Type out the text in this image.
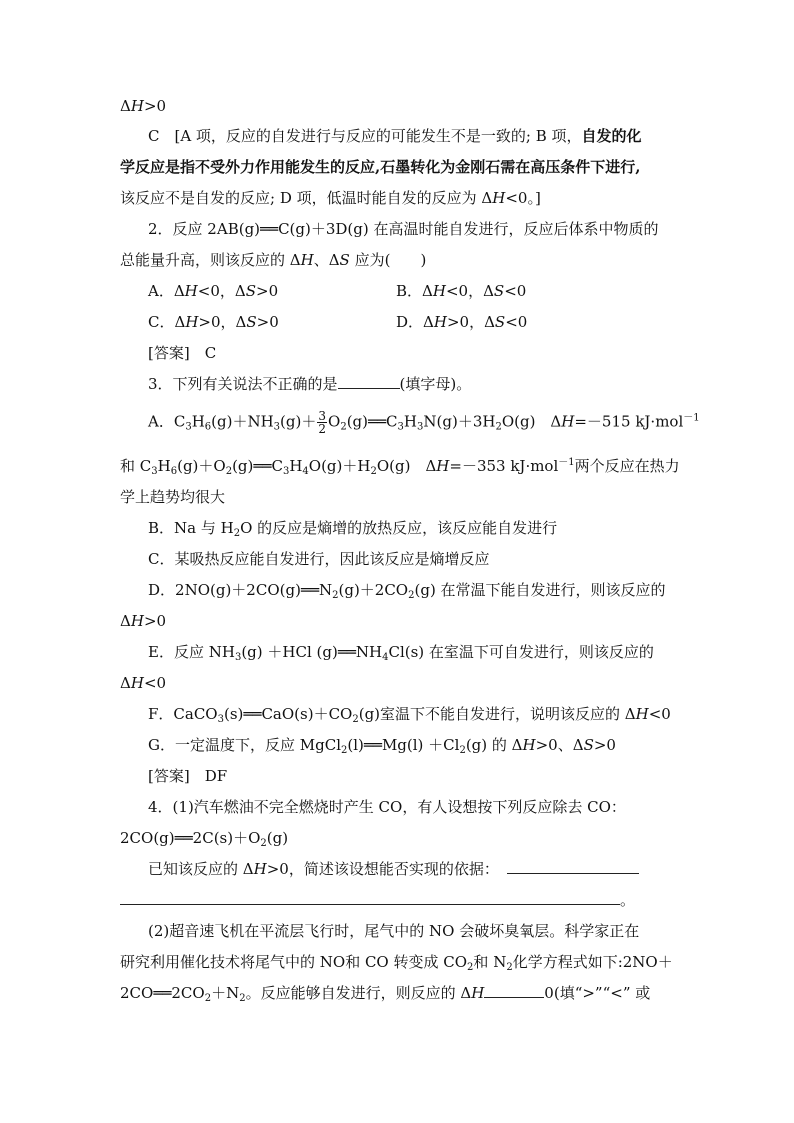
ΔH>0
C　[A 项，反应的自发进行与反应的可能发生不是一致的; B 项，自发的化
学反应是指不受外力作用能发生的反应,石墨转化为金刚石需在高压条件下进行,
该反应不是自发的反应; D 项，低温时能自发的反应为 ΔH<0。]
2．反应 2AB(g)══C(g)＋3D(g) 在高温时能自发进行，反应后体系中物质的
总能量升高，则该反应的 ΔH、ΔS 应为(　　)
A．ΔH<0，ΔS>0	B．ΔH<0，ΔS<0
C．ΔH>0，ΔS>0	D．ΔH>0，ΔS<0
[答案]　C
3．下列有关说法不正确的是	(填字母)。
A．$C_3H_6(g)+NH_3(g)+ \frac{3}{2}$ $O_2(g)══C_3H_3N(g)+3H_2O(g)$　ΔH=－515 kJ·mol$^{-1}$
和 $C_3H_6(g)+O_2(g)══C_3H_4O(g)+H_2O(g)$　ΔH=－353 kJ·mol$^{-1}$两个反应在热力
学上趋势均很大
B．Na 与 $H_2O$ 的反应是熵增的放热反应，该反应能自发进行
C．某吸热反应能自发进行，因此该反应是熵增反应
D．$2NO(g)+2CO(g)══N_2(g)+2CO_2(g)$ 在常温下能自发进行，则该反应的
ΔH>0
E．反应 $NH_3(g) +HCl$ $(g)══NH_4Cl(s)$ 在室温下可自发进行，则该反应的
ΔH<0
F．$CaCO_3(s)══CaO(s)+CO_2(g)$室温下不能自发进行，说明该反应的 ΔH<0
G．一定温度下，反应 MgCl$_2$(l)══Mg(l) $+Cl_2(g)$ 的 ΔH>0、ΔS>0
[答案]　DF
4．(1)汽车燃油不完全燃烧时产生 CO，有人设想按下列反应除去 CO：
$2CO(g)══2C(s)+O_2(g)$
已知该反应的 ΔH>0，简述该设想能否实现的依据：
。
(2)超音速飞机在平流层飞行时，尾气中的 NO 会破坏臭氧层。科学家正在
研究利用催化技术将尾气中的 NO和 CO 转变成 $CO_2$和 $N_2$化学方程式如下:2NO＋
$2CO══2CO_2+N_2$。反应能够自发进行，则反应的 ΔH	0(填“>”“<” 或
